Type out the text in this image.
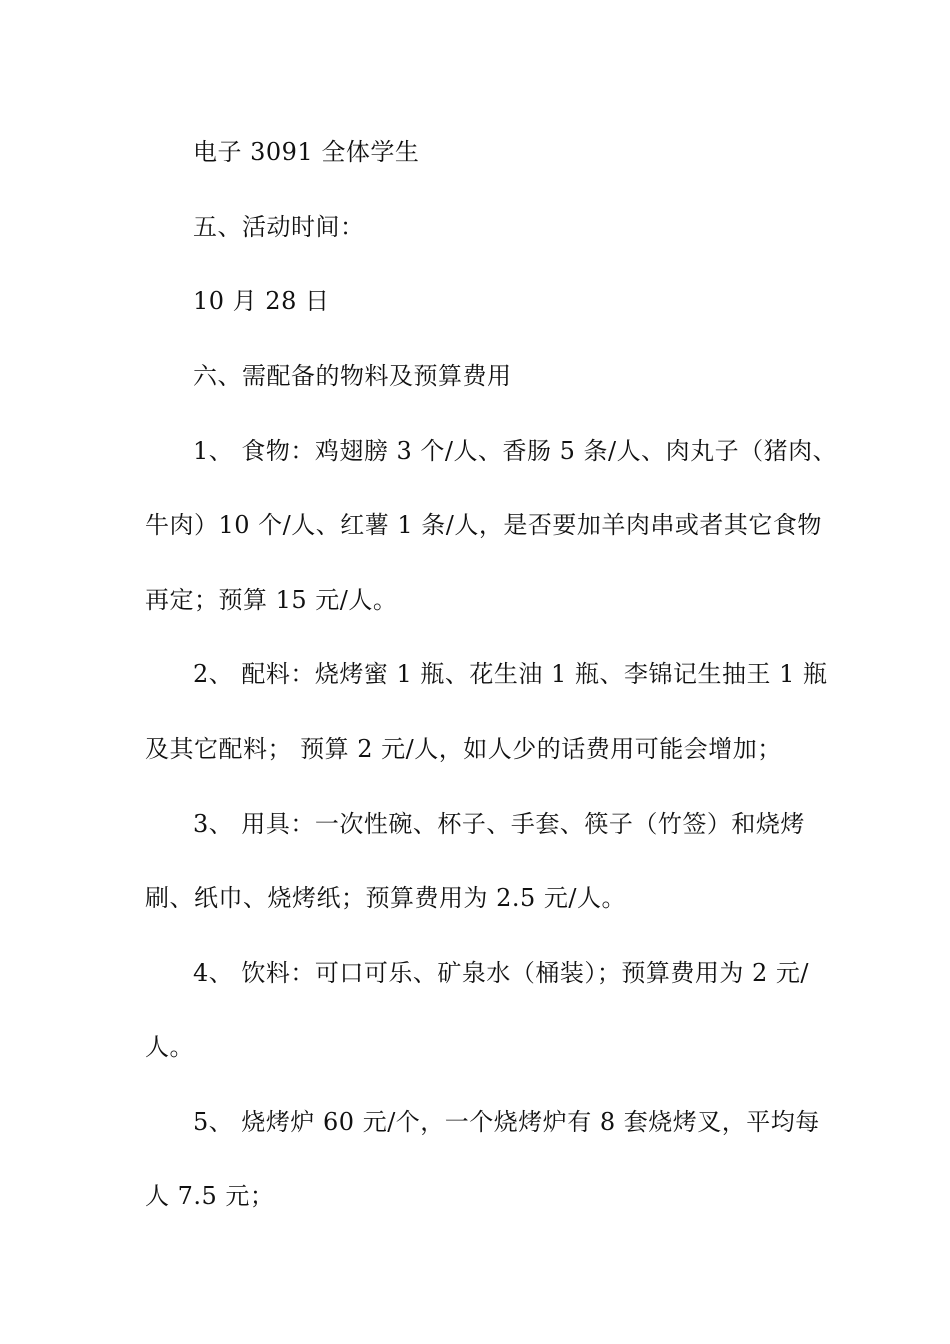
电子 3091 全体学生
五、活动时间：
10 月 28 日
六、需配备的物料及预算费用
1、 食物：鸡翅膀 3 个/人、香肠 5 条/人、肉丸子（猪肉、
牛肉）10 个/人、红薯 1 条/人，是否要加羊肉串或者其它食物
再定；预算 15 元/人。
2、 配料：烧烤蜜 1 瓶、花生油 1 瓶、李锦记生抽王 1 瓶
及其它配料； 预算 2 元/人，如人少的话费用可能会增加；
3、 用具：一次性碗、杯子、手套、筷子（竹签）和烧烤
刷、纸巾、烧烤纸；预算费用为 2.5 元/人。
4、 饮料：可口可乐、矿泉水（桶装）；预算费用为 2 元/
人。
5、 烧烤炉 60 元/个，一个烧烤炉有 8 套烧烤叉，平均每
人 7.5 元；
